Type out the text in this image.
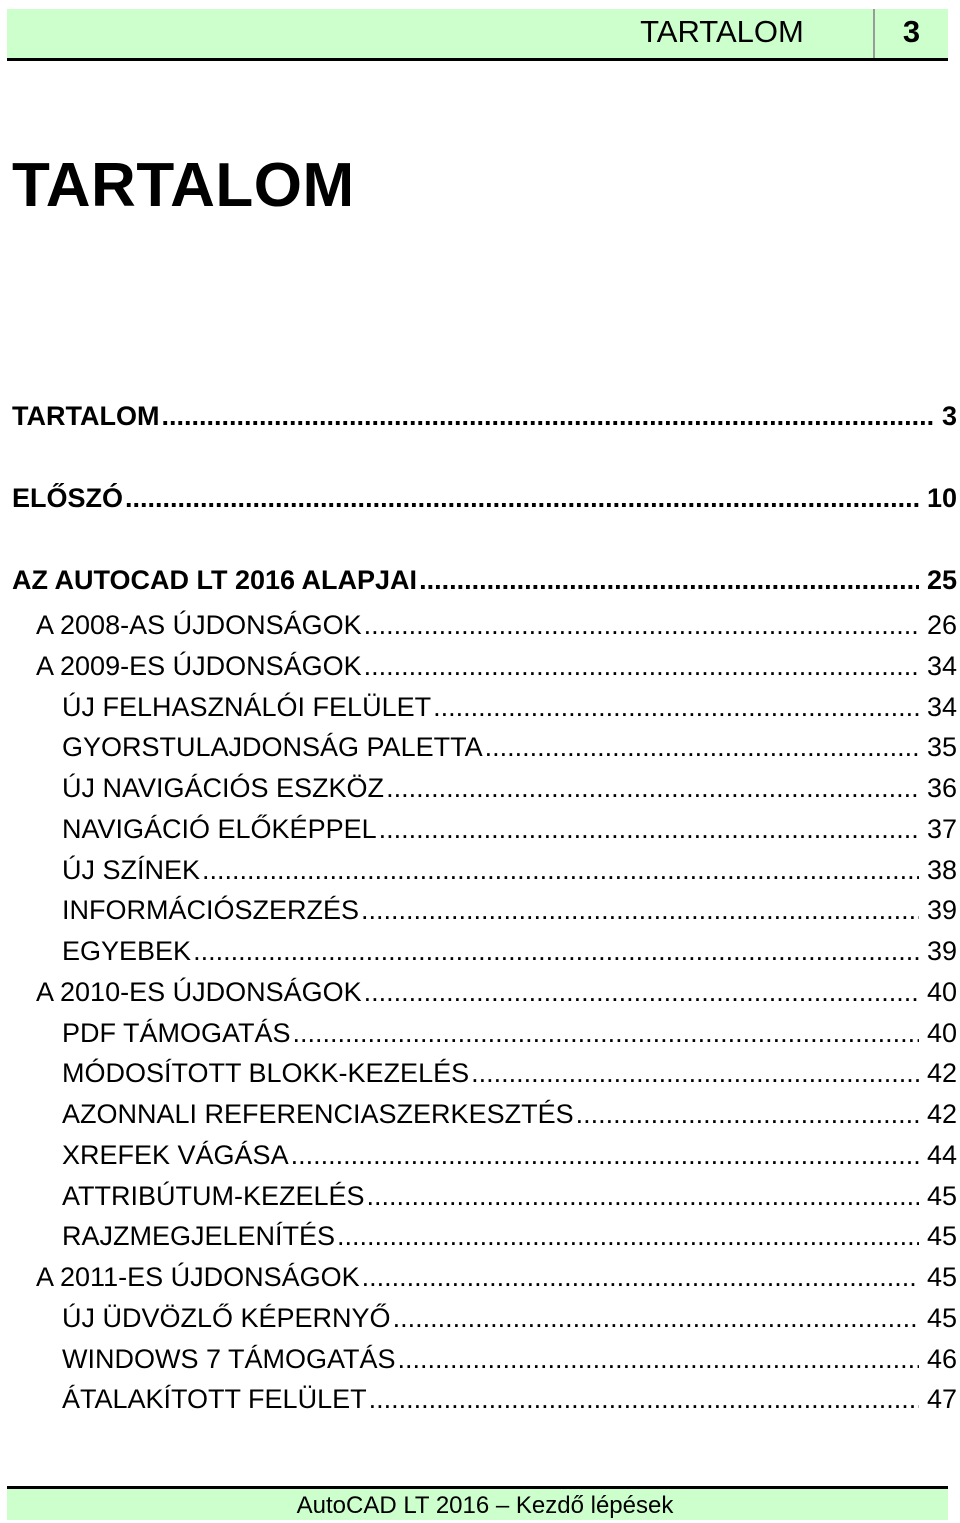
TARTALOM	3
TARTALOM
TARTALOM .....	3
ELŐSZÓ .....	10
AZ AUTOCAD LT 2016 ALAPJAI .....	25
A 2008-AS ÚJDONSÁGOK .....	26
A 2009-ES ÚJDONSÁGOK .....	34
ÚJ FELHASZNÁLÓI FELÜLET .....	34
GYORSTULAJDONSÁG PALETTA .....	35
ÚJ NAVIGÁCIÓS ESZKÖZ .....	36
NAVIGÁCIÓ ELŐKÉPPEL .....	37
ÚJ SZÍNEK .....	38
INFORMÁCIÓSZERZÉS .....	39
EGYEBEK .....	39
A 2010-ES ÚJDONSÁGOK .....	40
PDF TÁMOGATÁS .....	40
MÓDOSÍTOTT BLOKK-KEZELÉS .....	42
AZONNALI REFERENCIASZERKESZTÉS .....	42
XREFEK VÁGÁSA .....	44
ATTRIBÚTUM-KEZELÉS .....	45
RAJZMEGJELENÍTÉS .....	45
A 2011-ES ÚJDONSÁGOK .....	45
ÚJ ÜDVÖZLŐ KÉPERNYŐ .....	45
WINDOWS 7 TÁMOGATÁS .....	46
ÁTALAKÍTOTT FELÜLET .....	47
AutoCAD LT 2016 – Kezdő lépések
